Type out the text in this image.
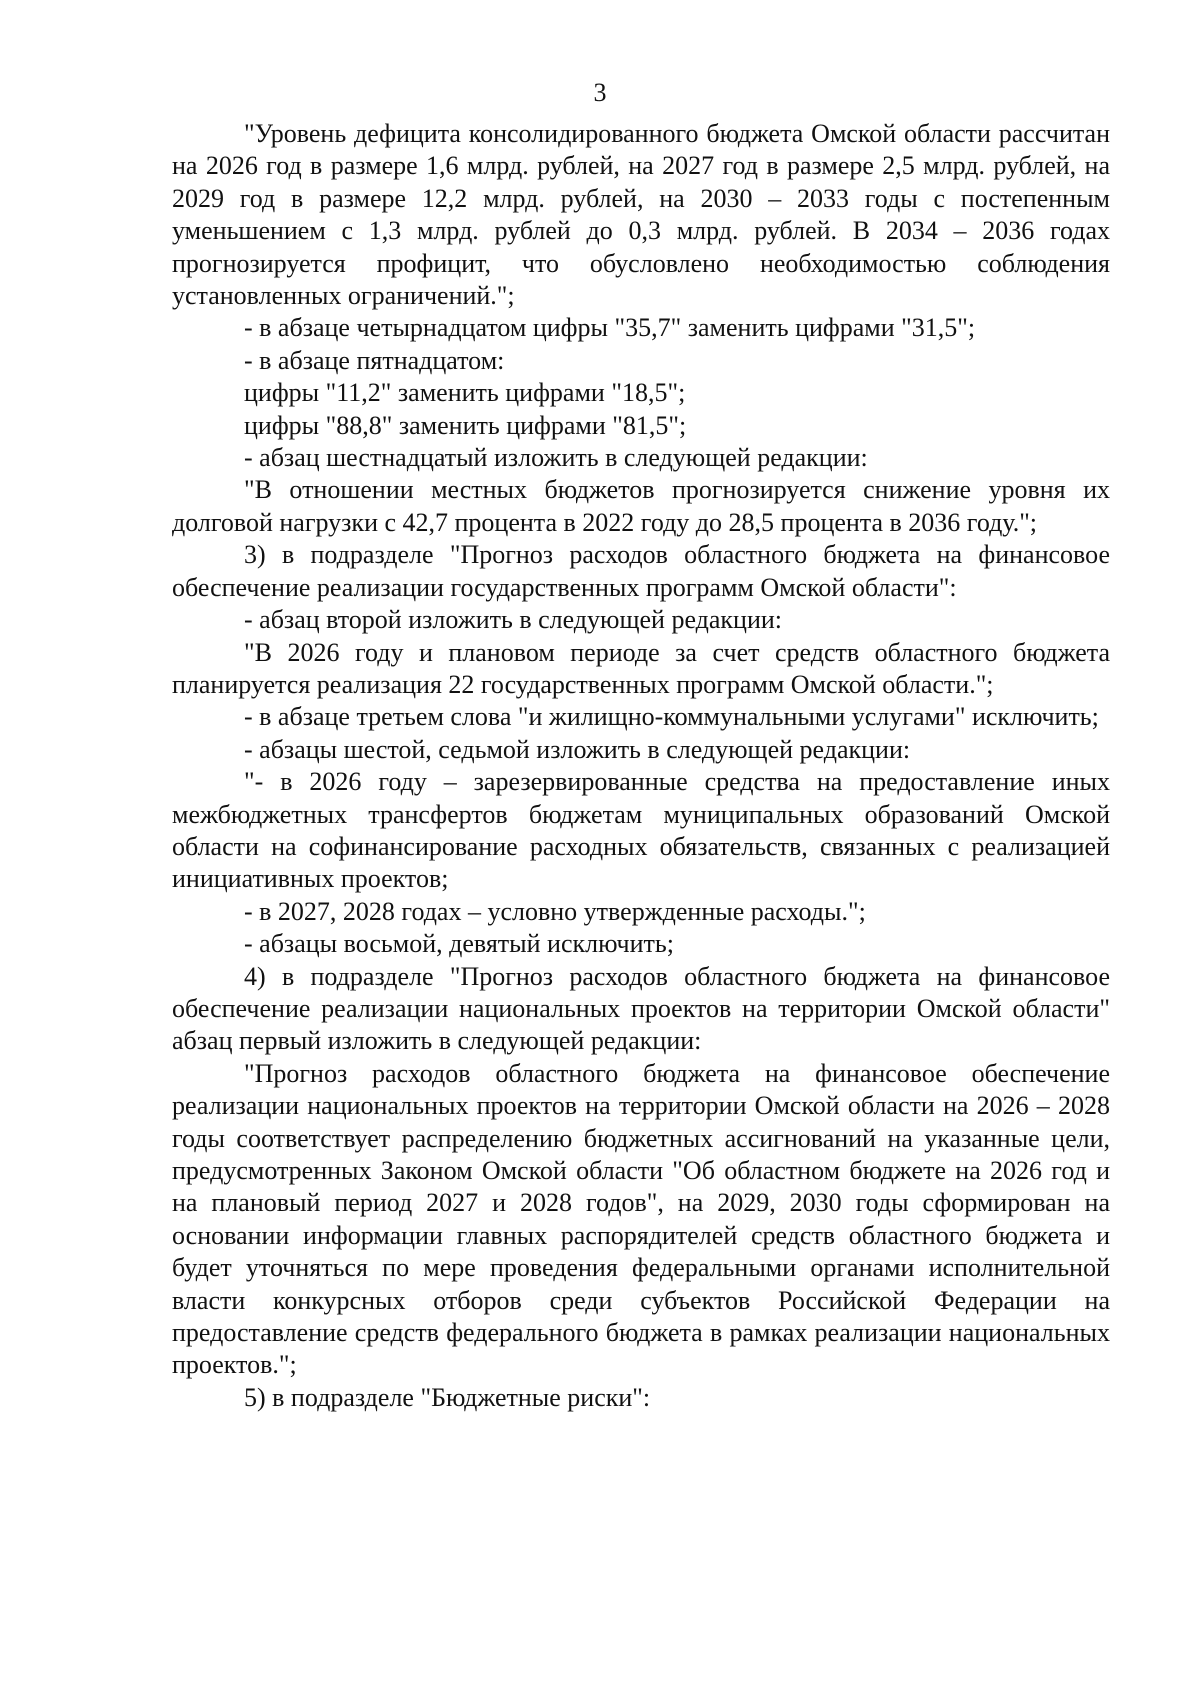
3

"Уровень дефицита консолидированного бюджета Омской области рассчитан на 2026 год в размере 1,6 млрд. рублей, на 2027 год в размере 2,5 млрд. рублей, на 2029 год в размере 12,2 млрд. рублей, на 2030 – 2033 годы с постепенным уменьшением с 1,3 млрд. рублей до 0,3 млрд. рублей. В 2034 – 2036 годах прогнозируется профицит, что обусловлено необходимостью соблюдения установленных ограничений.";

- в абзаце четырнадцатом цифры "35,7" заменить цифрами "31,5";

- в абзаце пятнадцатом:

цифры "11,2" заменить цифрами "18,5";

цифры "88,8" заменить цифрами "81,5";

- абзац шестнадцатый изложить в следующей редакции:

"В отношении местных бюджетов прогнозируется снижение уровня их долговой нагрузки с 42,7 процента в 2022 году до 28,5 процента в 2036 году.";

3) в подразделе "Прогноз расходов областного бюджета на финансовое обеспечение реализации государственных программ Омской области":

- абзац второй изложить в следующей редакции:

"В 2026 году и плановом периоде за счет средств областного бюджета планируется реализация 22 государственных программ Омской области.";

- в абзаце третьем слова "и жилищно-коммунальными услугами" исключить;

- абзацы шестой, седьмой изложить в следующей редакции:

"- в 2026 году – зарезервированные средства на предоставление иных межбюджетных трансфертов бюджетам муниципальных образований Омской области на софинансирование расходных обязательств, связанных с реализацией инициативных проектов;

- в 2027, 2028 годах – условно утвержденные расходы.";

- абзацы восьмой, девятый исключить;

4) в подразделе "Прогноз расходов областного бюджета на финансовое обеспечение реализации национальных проектов на территории Омской области" абзац первый изложить в следующей редакции:

"Прогноз расходов областного бюджета на финансовое обеспечение реализации национальных проектов на территории Омской области на 2026 – 2028 годы соответствует распределению бюджетных ассигнований на указанные цели, предусмотренных Законом Омской области "Об областном бюджете на 2026 год и на плановый период 2027 и 2028 годов", на 2029, 2030 годы сформирован на основании информации главных распорядителей средств областного бюджета и будет уточняться по мере проведения федеральными органами исполнительной власти конкурсных отборов среди субъектов Российской Федерации на предоставление средств федерального бюджета в рамках реализации национальных проектов.";

5) в подразделе "Бюджетные риски":
